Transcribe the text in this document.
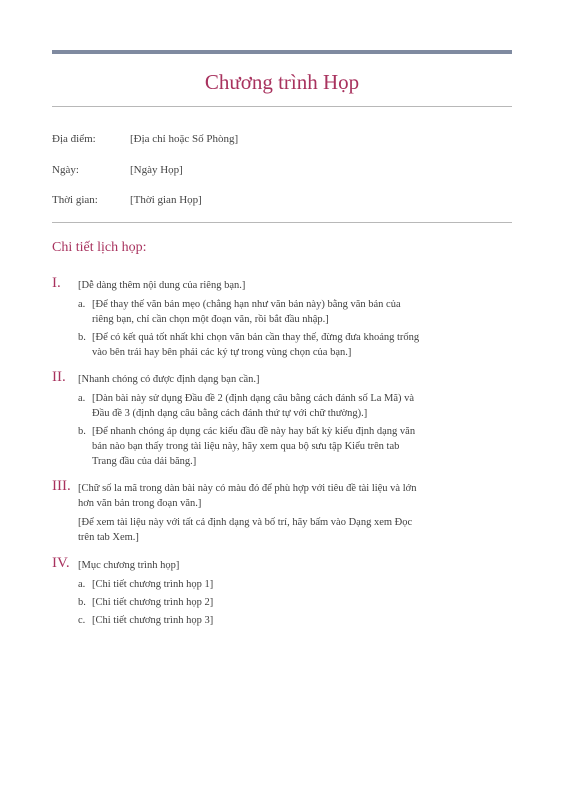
Chương trình Họp
Địa điểm:	[Địa chỉ hoặc Số Phòng]
Ngày:	[Ngày Họp]
Thời gian:	[Thời gian Họp]
Chi tiết lịch họp:
I. [Dễ dàng thêm nội dung của riêng bạn.]
a. [Để thay thế văn bản mẹo (chẳng hạn như văn bản này) bằng văn bản của riêng bạn, chỉ cần chọn một đoạn văn, rồi bắt đầu nhập.]
b. [Để có kết quả tốt nhất khi chọn văn bản cần thay thế, đừng đưa khoảng trống vào bên trái hay bên phải các ký tự trong vùng chọn của bạn.]
II. [Nhanh chóng có được định dạng bạn cần.]
a. [Dàn bài này sử dụng Đầu đề 2 (định dạng câu bằng cách đánh số La Mã) và Đầu đề 3 (định dạng câu bằng cách đánh thứ tự với chữ thường).]
b. [Để nhanh chóng áp dụng các kiểu đầu đề này hay bất kỳ kiểu định dạng văn bản nào bạn thấy trong tài liệu này, hãy xem qua bộ sưu tập Kiểu trên tab Trang đầu của dải băng.]
III. [Chữ số la mã trong dàn bài này có màu đỏ để phù hợp với tiêu đề tài liệu và lớn hơn văn bản trong đoạn văn.]
[Để xem tài liệu này với tất cả định dạng và bố trí, hãy bấm vào Dạng xem Đọc trên tab Xem.]
IV. [Mục chương trình họp]
a. [Chi tiết chương trình họp 1]
b. [Chi tiết chương trình họp 2]
c. [Chi tiết chương trình họp 3]
